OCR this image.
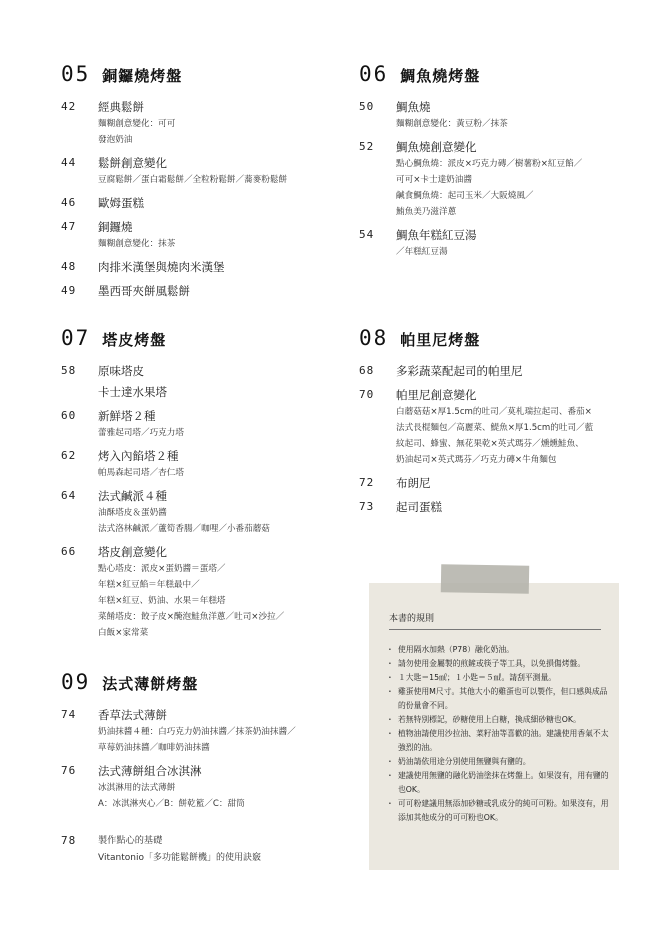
05 銅鑼燒烤盤
42	經典鬆餅
麵糊創意變化：可可
發泡奶油
44	鬆餅創意變化
豆腐鬆餅／蛋白霜鬆餅／全粒粉鬆餅／蕎麥粉鬆餅
46	歐姆蛋糕
47	銅鑼燒
麵糊創意變化：抹茶
48	肉排米漢堡與燒肉米漢堡
49	墨西哥夾餅風鬆餅
06 鯛魚燒烤盤
50	鯛魚燒
麵糊創意變化：黃豆粉／抹茶
52	鯛魚燒創意變化
點心鯛魚燒：派皮×巧克力磚／樹薯粉×紅豆餡／
可可×卡士達奶油醬
鹹食鯛魚燒：起司玉米／大阪燒風／
鮪魚美乃滋洋蔥
54	鯛魚年糕紅豆湯
／年糕紅豆湯
07 塔皮烤盤
58	原味塔皮
卡士達水果塔
60	新鮮塔２種
蕾雅起司塔／巧克力塔
62	烤入內餡塔２種
帕馬森起司塔／杏仁塔
64	法式鹹派４種
油酥塔皮＆蛋奶醬
法式洛林鹹派／蘆筍香腸／咖哩／小番茄蘑菇
66	塔皮創意變化
點心塔皮：派皮×蛋奶醬＝蛋塔／
年糕×紅豆餡＝年糕最中／
年糕×紅豆、奶油、水果＝年糕塔
菜餚塔皮：餃子皮×醃泡鮭魚洋蔥／吐司×沙拉／
白飯×家常菜
08 帕里尼烤盤
68	多彩蔬菜配起司的帕里尼
70	帕里尼創意變化
白蘑菇菇×厚1.5cm的吐司／莫札瑞拉起司、番茄×
法式長棍麵包／高麗菜、鯷魚×厚1.5cm的吐司／藍
紋起司、蜂蜜、無花果乾×英式瑪芬／燻燻鮭魚、
奶油起司×英式瑪芬／巧克力磚×牛角麵包
72	布朗尼
73	起司蛋糕
09 法式薄餅烤盤
74	香草法式薄餅
奶油抹醬４種：白巧克力奶油抹醬／抹茶奶油抹醬／
草莓奶油抹醬／咖啡奶油抹醬
76	法式薄餅組合冰淇淋
冰淇淋用的法式薄餅
A：冰淇淋夾心／B：餅乾籃／C：甜筒
78	製作點心的基礎
Vitantonio「多功能鬆餅機」的使用訣竅
本書的規則
・ 使用隔水加熱（P78）融化奶油。
・ 請勿使用金屬製的煎鏟或筷子等工具，以免損傷烤盤。
・ １大匙＝15㎖；１小匙＝５㎖。請刮平測量。
・ 雞蛋使用M尺寸。其他大小的雞蛋也可以製作，但口感與成品的份量會不同。
・ 若無特別標記，砂糖使用上白糖，換成細砂糖也OK。
・ 植物油請使用沙拉油、菜籽油等喜歡的油。建議使用香氣不太強烈的油。
・ 奶油請依用途分別使用無鹽與有鹽的。
・ 建議使用無鹽的融化奶油塗抹在烤盤上。如果沒有，用有鹽的也OK。
・ 可可粉建議用無添加砂糖或乳成分的純可可粉。如果沒有，用添加其他成分的可可粉也OK。
